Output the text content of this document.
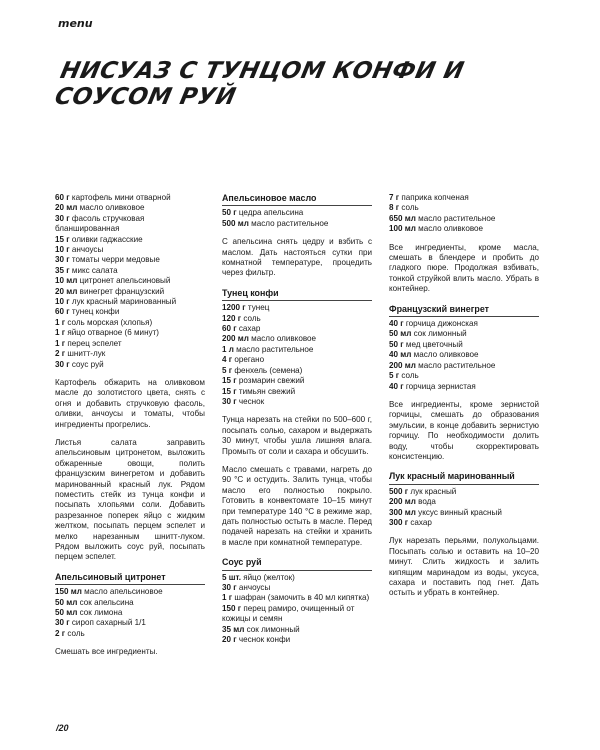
menu
НИСУАЗ С ТУНЦОМ КОНФИ И СОУСОМ РУЙ
60 г картофель мини отварной
20 мл масло оливковое
30 г фасоль стручковая бланшированная
15 г оливки гаджасские
10 г анчоусы
30 г томаты черри медовые
35 г микс салата
10 мл цитронет апельсиновый
20 мл винегрет французский
10 г лук красный маринованный
60 г тунец конфи
1 г соль морская (хлопья)
1 г яйцо отварное (6 минут)
1 г перец эспелет
2 г шнитт-лук
30 г соус руй

Картофель обжарить на оливковом масле до золотистого цвета, снять с огня и добавить стручковую фасоль, оливки, анчоусы и томаты, чтобы ингредиенты прогрелись.

Листья салата заправить апельсиновым цитронетом, выложить обжаренные овощи, полить французским винегретом и добавить маринованный красный лук. Рядом поместить стейк из тунца конфи и посыпать хлопьями соли. Добавить разрезанное поперек яйцо с жидким желтком, посыпать перцем эспелет и мелко нарезанным шнитт-луком. Рядом выложить соус руй, посыпать перцем эспелет.

Апельсиновый цитронет
150 мл масло апельсиновое
50 мл сок апельсина
50 мл сок лимона
30 г сироп сахарный 1/1
2 г соль

Смешать все ингредиенты.

Апельсиновое масло
50 г цедра апельсина
500 мл масло растительное

С апельсина снять цедру и взбить с маслом. Дать настояться сутки при комнатной температуре, процедить через фильтр.

Тунец конфи
1200 г тунец
120 г соль
60 г сахар
200 мл масло оливковое
1 л масло растительное
4 г орегано
5 г фенхель (семена)
15 г розмарин свежий
15 г тимьян свежий
30 г чеснок

Тунца нарезать на стейки по 500–600 г, посыпать солью, сахаром и выдержать 30 минут, чтобы ушла лишняя влага. Промыть от соли и сахара и обсушить.

Масло смешать с травами, нагреть до 90 °С и остудить. Залить тунца, чтобы масло его полностью покрыло. Готовить в конвектомате 10–15 минут при температуре 140 °С в режиме жар, дать полностью остыть в масле. Перед подачей нарезать на стейки и хранить в масле при комнатной температуре.

Соус руй
5 шт. яйцо (желток)
30 г анчоусы
1 г шафран (замочить в 40 мл кипятка)
150 г перец рамиро, очищенный от кожицы и семян
35 мл сок лимонный
20 г чеснок конфи
7 г паприка копченая
8 г соль
650 мл масло растительное
100 мл масло оливковое

Все ингредиенты, кроме масла, смешать в блендере и пробить до гладкого пюре. Продолжая взбивать, тонкой струйкой влить масло. Убрать в контейнер.

Французский винегрет
40 г горчица дижонская
50 мл сок лимонный
50 г мед цветочный
40 мл масло оливковое
200 мл масло растительное
5 г соль
40 г горчица зернистая

Все ингредиенты, кроме зернистой горчицы, смешать до образования эмульсии, в конце добавить зернистую горчицу. По необходимости долить воду, чтобы скорректировать консистенцию.

Лук красный маринованный
500 г лук красный
200 мл вода
300 мл уксус винный красный
300 г сахар

Лук нарезать перьями, полукольцами. Посыпать солью и оставить на 10–20 минут. Слить жидкость и залить кипящим маринадом из воды, уксуса, сахара и поставить под гнет. Дать остыть и убрать в контейнер.

/20
